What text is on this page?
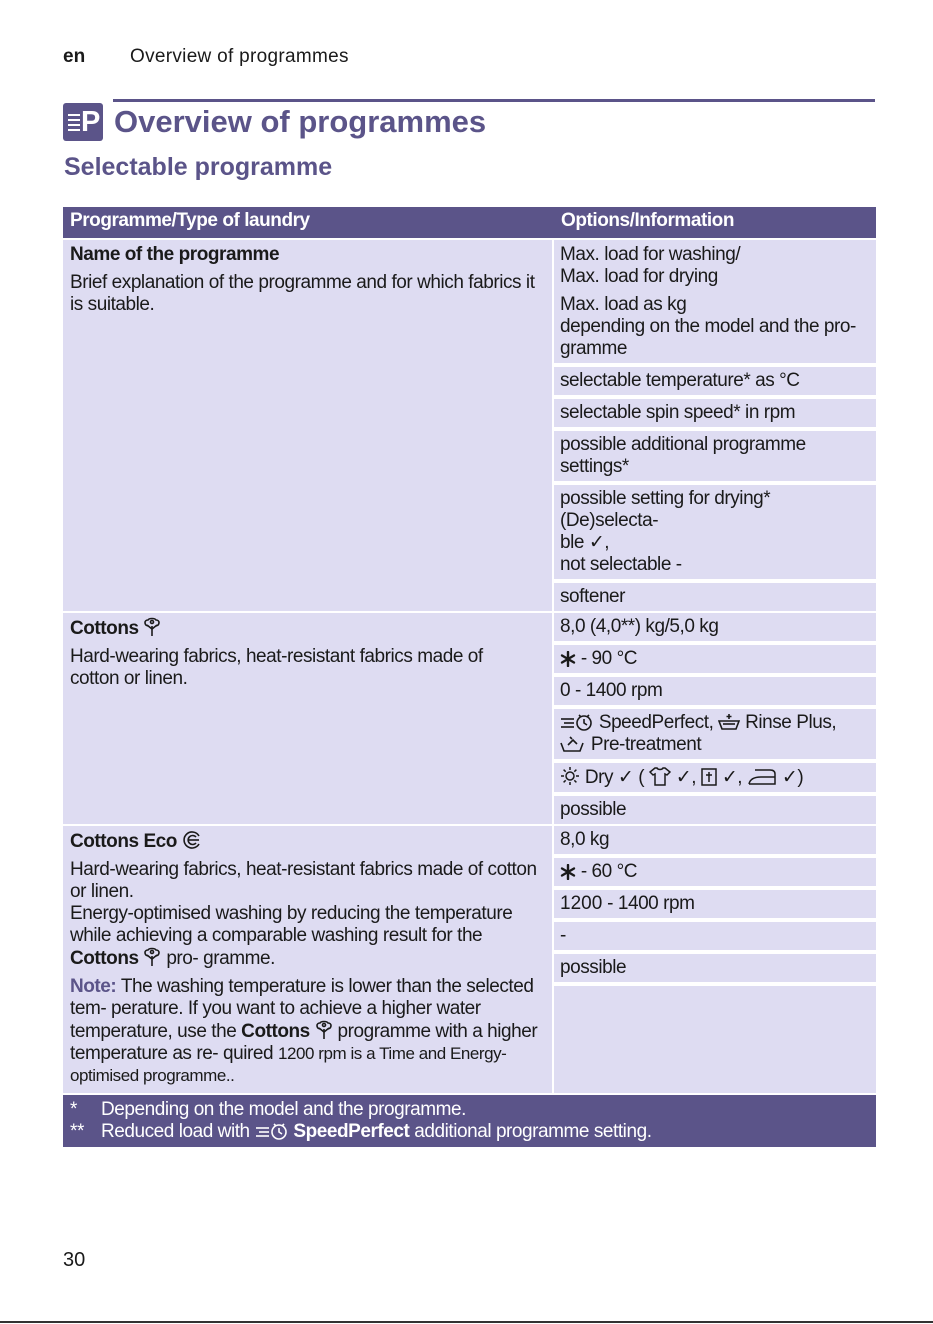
en Overview of programmes
P Overview of programmes
Selectable programme
Programme/Type of laundry	Options/Information
Name of the programme
Brief explanation of the programme and for which fabrics it is suitable.
Max. load for washing/
Max. load for drying
Max. load as kg
depending on the model and the pro-
gramme
selectable temperature* as °C
selectable spin speed* in rpm
possible additional programme settings*
possible setting for drying* (De)selecta-
ble ✓,
not selectable -
softener
Cottons
Hard-wearing fabrics, heat-resistant fabrics made of cotton or linen.
8,0 (4,0**) kg/5,0 kg
- 90 °C
0 - 1400 rpm
SpeedPerfect, Rinse Plus,
Pre-treatment
Dry ✓ ( ✓, ✓, ✓)
possible
Cottons Eco
Hard-wearing fabrics, heat-resistant fabrics made of cotton or linen.
Energy-optimised washing by reducing the temperature while achieving a comparable washing result for the Cottons pro- gramme.
Note: The washing temperature is lower than the selected tem- perature. If you want to achieve a higher water temperature, use the Cottons programme with a higher temperature as re- quired 1200 rpm is a Time and Energy-optimised programme..
8,0 kg
- 60 °C
1200 - 1400 rpm
-
possible
* Depending on the model and the programme.
** Reduced load with SpeedPerfect additional programme setting.
30
